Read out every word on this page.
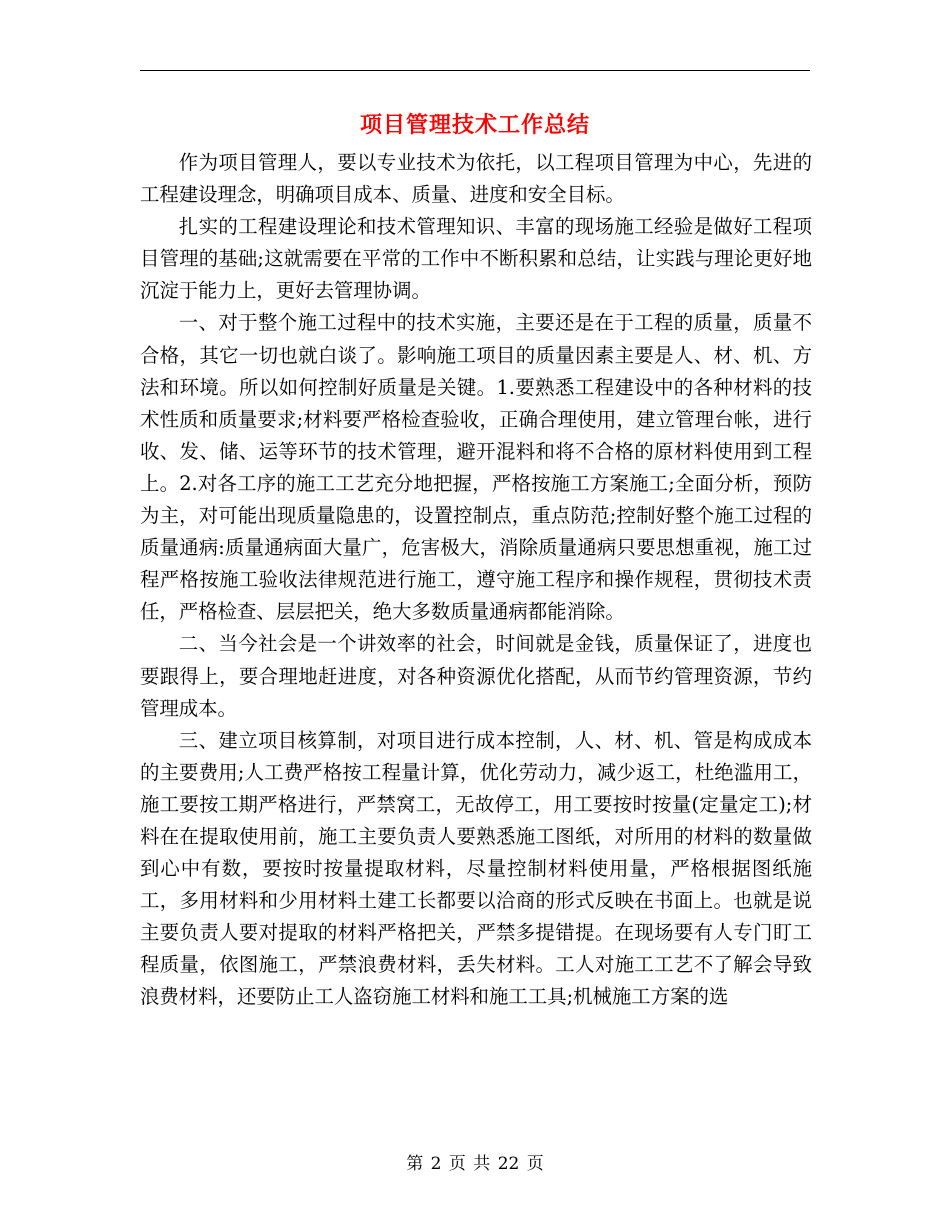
项目管理技术工作总结

作为项目管理人，要以专业技术为依托，以工程项目管理为中心，先进的工程建设理念，明确项目成本、质量、进度和安全目标。

扎实的工程建设理论和技术管理知识、丰富的现场施工经验是做好工程项目管理的基础;这就需要在平常的工作中不断积累和总结，让实践与理论更好地沉淀于能力上，更好去管理协调。

一、对于整个施工过程中的技术实施，主要还是在于工程的质量，质量不合格，其它一切也就白谈了。影响施工项目的质量因素主要是人、材、机、方法和环境。所以如何控制好质量是关键。1.要熟悉工程建设中的各种材料的技术性质和质量要求;材料要严格检查验收，正确合理使用，建立管理台帐，进行收、发、储、运等环节的技术管理，避开混料和将不合格的原材料使用到工程上。2.对各工序的施工工艺充分地把握，严格按施工方案施工;全面分析，预防为主，对可能出现质量隐患的，设置控制点，重点防范;控制好整个施工过程的质量通病:质量通病面大量广，危害极大，消除质量通病只要思想重视，施工过程严格按施工验收法律规范进行施工，遵守施工程序和操作规程，贯彻技术责任，严格检查、层层把关，绝大多数质量通病都能消除。

二、当今社会是一个讲效率的社会，时间就是金钱，质量保证了，进度也要跟得上，要合理地赶进度，对各种资源优化搭配，从而节约管理资源，节约管理成本。

三、建立项目核算制，对项目进行成本控制，人、材、机、管是构成成本的主要费用;人工费严格按工程量计算，优化劳动力，减少返工，杜绝滥用工，施工要按工期严格进行，严禁窝工，无故停工，用工要按时按量(定量定工);材料在在提取使用前，施工主要负责人要熟悉施工图纸，对所用的材料的数量做到心中有数，要按时按量提取材料，尽量控制材料使用量，严格根据图纸施工，多用材料和少用材料土建工长都要以洽商的形式反映在书面上。也就是说主要负责人要对提取的材料严格把关，严禁多提错提。在现场要有人专门盯工程质量，依图施工，严禁浪费材料，丢失材料。工人对施工工艺不了解会导致浪费材料，还要防止工人盗窃施工材料和施工工具;机械施工方案的选

第 2 页 共 22 页
